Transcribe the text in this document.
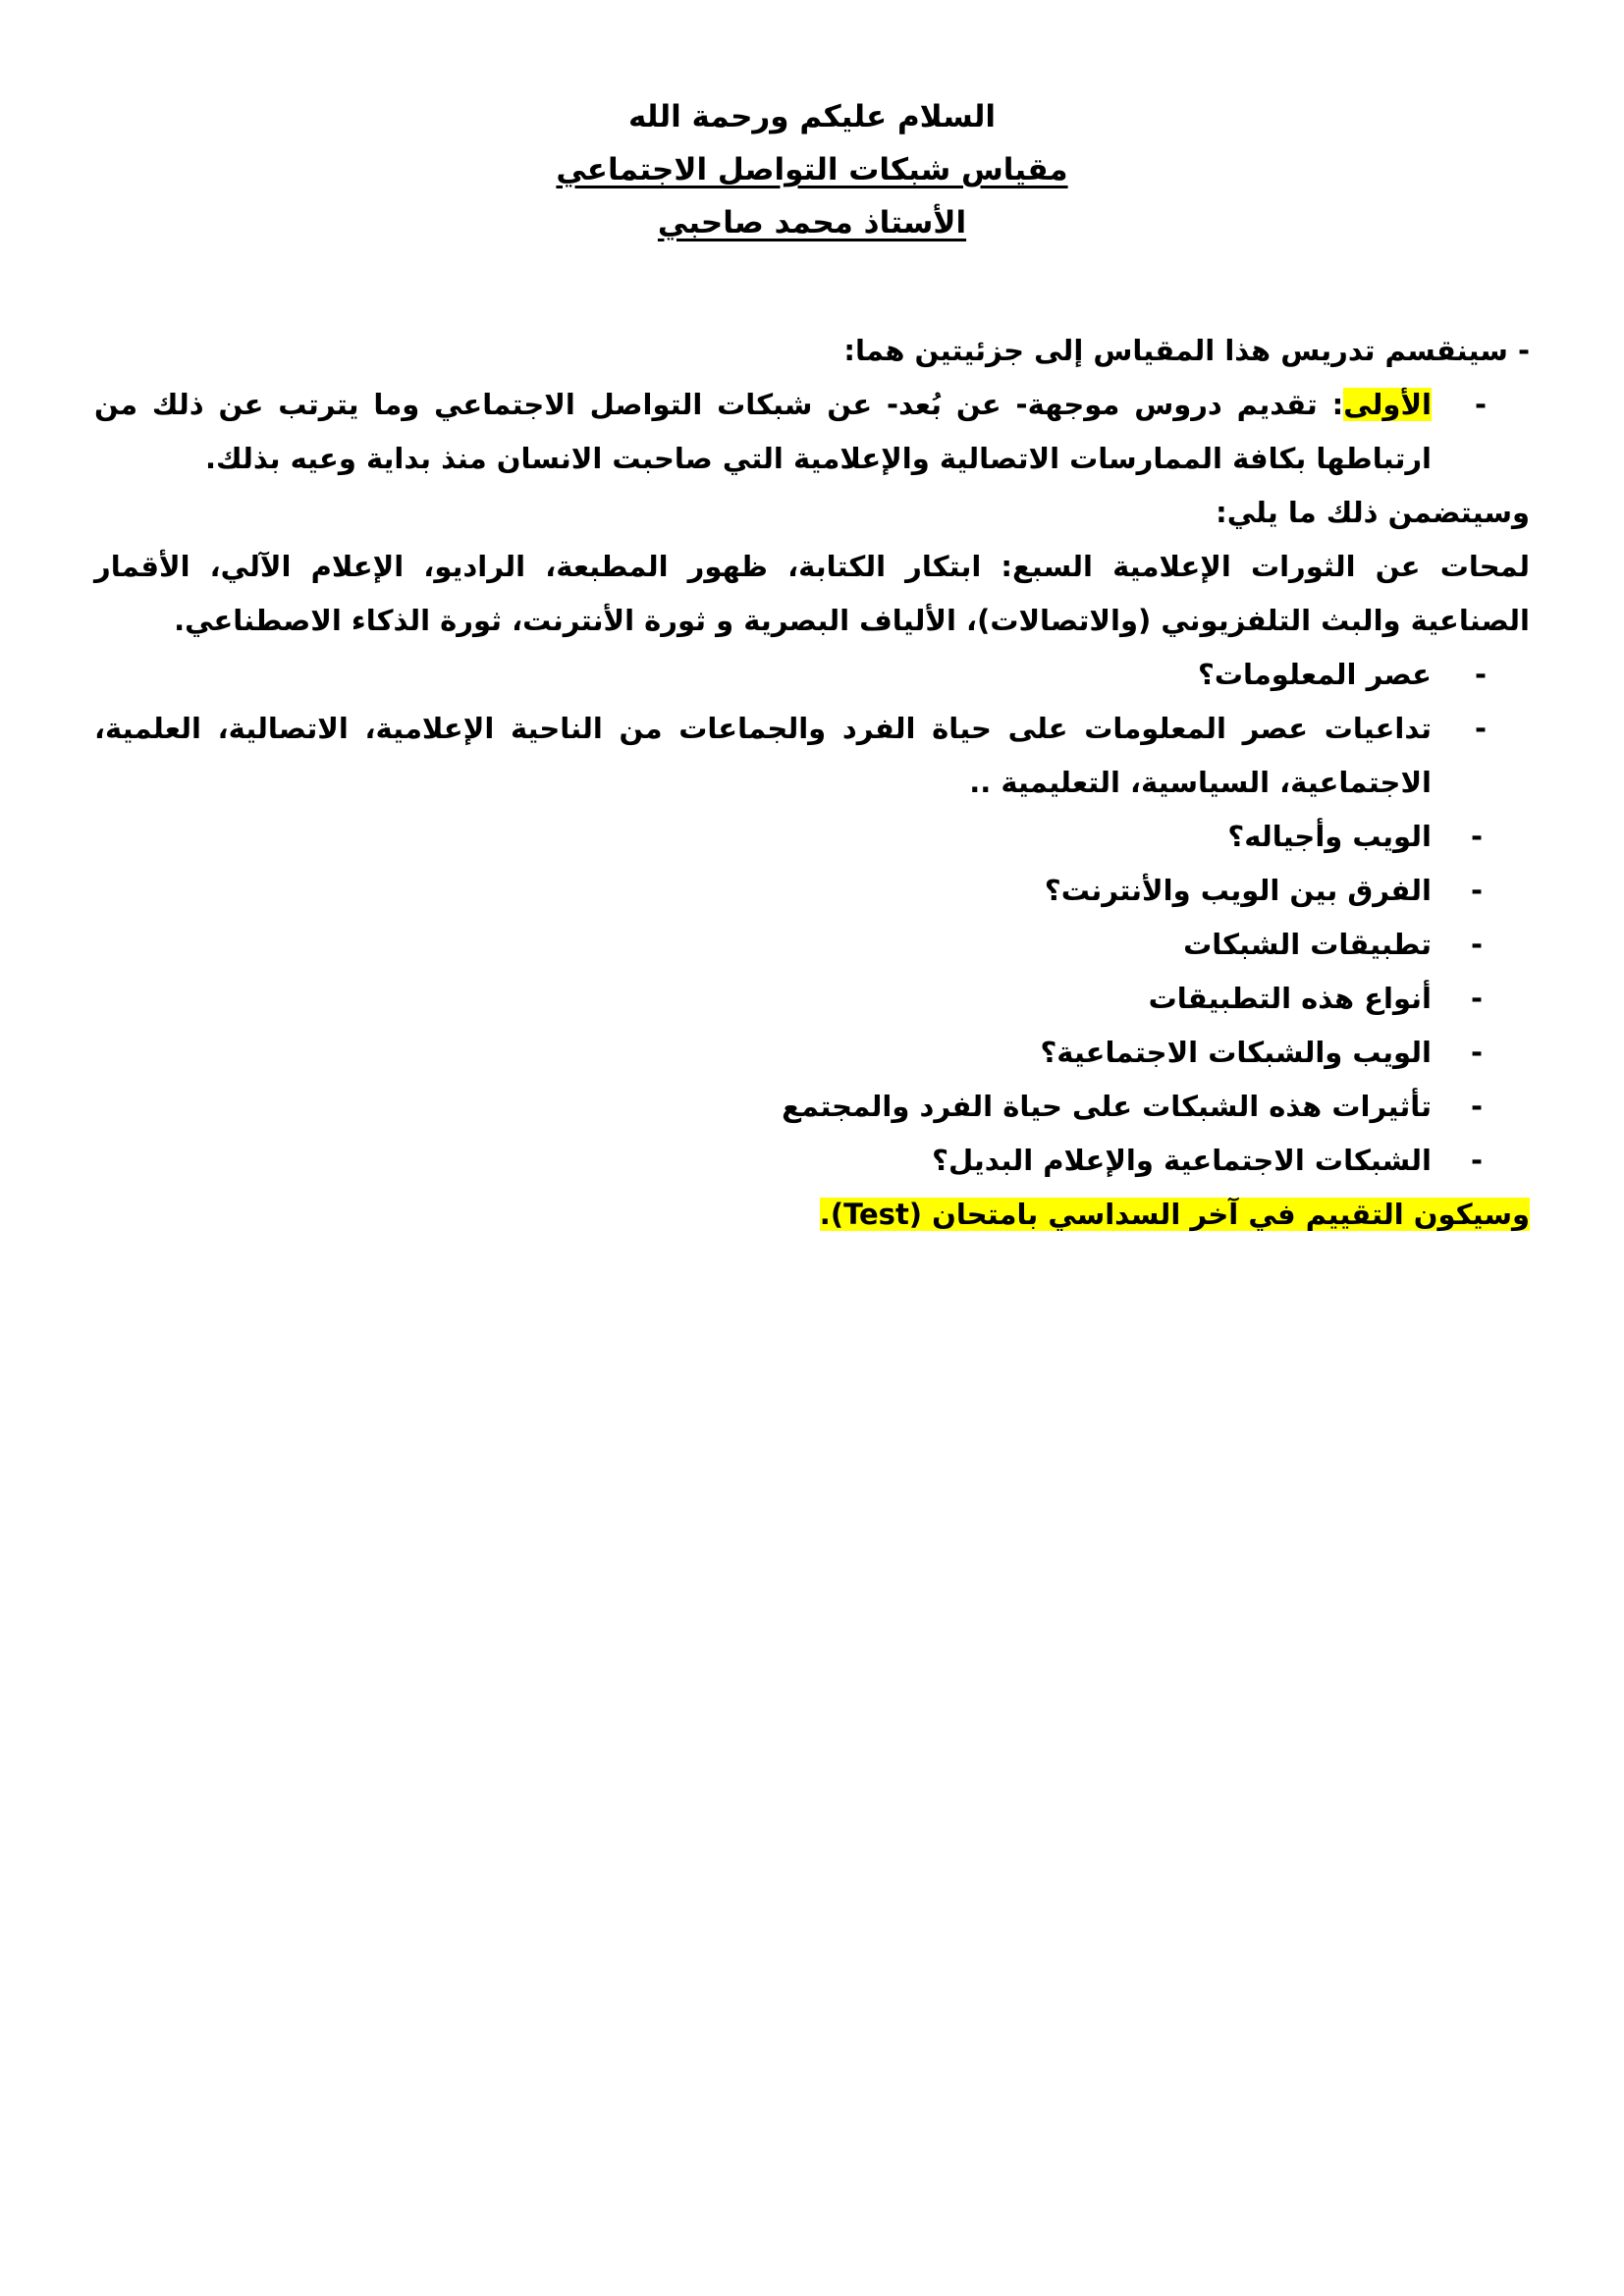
السلام عليكم ورحمة الله
مقياس شبكات التواصل الاجتماعي
الأستاذ محمد صاحبي

- سينقسم تدريس هذا المقياس إلى جزئيتين هما:

-
الأولى: تقديم دروس موجهة- عن بُعد- عن شبكات التواصل الاجتماعي وما يترتب عن ذلك من ارتباطها بكافة الممارسات الاتصالية والإعلامية التي صاحبت الانسان منذ بداية وعيه بذلك.

وسيتضمن ذلك ما يلي:

لمحات عن الثورات الإعلامية السبع: ابتكار الكتابة، ظهور المطبعة، الراديو، الإعلام الآلي، الأقمار الصناعية والبث التلفزيوني (والاتصالات)، الألياف البصرية و ثورة الأنترنت، ثورة الذكاء الاصطناعي.

-
عصر المعلومات؟

-
تداعيات عصر المعلومات على حياة الفرد والجماعات من الناحية الإعلامية، الاتصالية، العلمية، الاجتماعية، السياسية، التعليمية ..

-
الويب وأجياله؟

-
الفرق بين الويب والأنترنت؟

-
تطبيقات الشبكات

-
أنواع هذه التطبيقات

-
الويب والشبكات الاجتماعية؟

-
تأثيرات هذه الشبكات على حياة الفرد والمجتمع

-
الشبكات الاجتماعية والإعلام البديل؟

وسيكون التقييم في آخر السداسي بامتحان (Test).
